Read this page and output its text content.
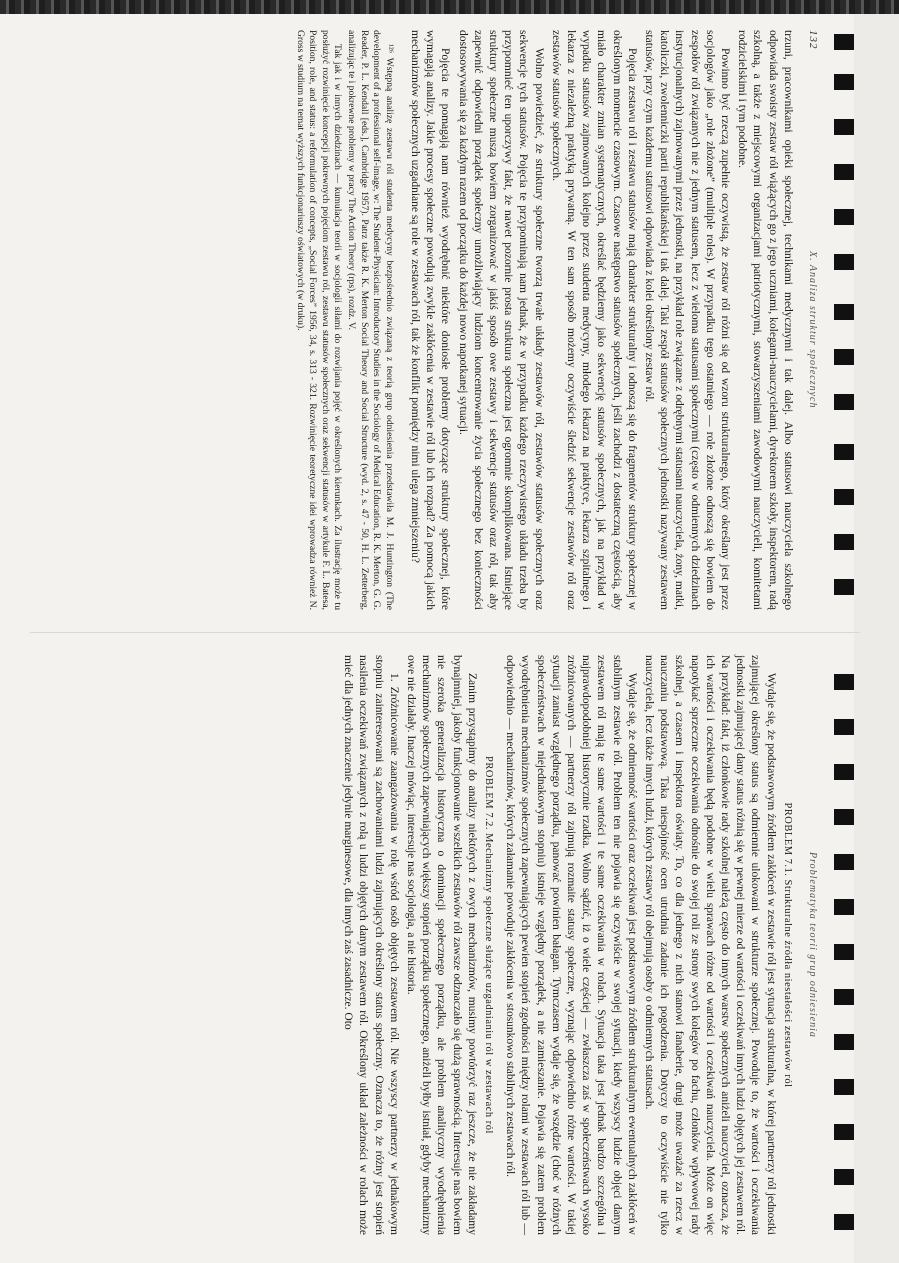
132
X. Analiza struktur społecznych

trzuni, pracownikami opieki społecznej, technikami medycznymi i tak dalej. Albo statusowi nauczyciela szkolnego odpowiada swoisty zestaw ról wiążących go z jego uczniami, kolegami-nauczycielami, dyrektorem szkoły, inspektorem, radą szkolną, a także z miejscowymi organizacjami patriotycznymi, stowarzyszeniami zawodowymi nauczycieli, komitetami rodzicielskimi i tym podobne.

Powinno być rzeczą zupełnie oczywistą, że zestaw ról różni się od wzoru strukturalnego, który określany jest przez socjologów jako „role złożone” (multiple roles). W przypadku tego ostatniego — role złożone odnoszą się bowiem do zespołów ról związanych nie z jednym statusem, lecz z wieloma statusami społecznymi (często w odmiennych dziedzinach instytucjonalnych) zajmowanymi przez jednostki, na przykład role związane z odrębnymi statusami nauczyciela, żony, matki, katoliczki, zwolenniczki partii republikańskiej i tak dalej. Taki zespół statusów społecznych jednostki nazywany zestawem statusów, przy czym każdemu statusowi odpowiada z kolei określony zestaw ról.

Pojęcia zestawu ról i zestawu statusów mają charakter strukturalny i odnoszą się do fragmentów struktury społecznej w określonym momencie czasowym. Czasowe następstwo statusów społecznych, jeśli zachodzi z dostateczną częstością, aby miało charakter zmian systematycznych, określać będziemy jako sekwencję statusów społecznych, jak na przykład w wypadku statusów zajmowanych kolejno przez studenta medycyny, młodego lekarza na praktyce, lekarza szpitalnego i lekarza z niezależną praktyką prywatną. W ten sam sposób możemy oczywiście śledzić sekwencje zestawów ról oraz zestawów statusów społecznych.

Wolno powiedzieć, że struktury społeczne tworzą trwałe układy zestawów ról, zestawów statusów społecznych oraz sekwencje tych statusów. Pojęcia te przypominają nam jednak, że w przypadku każdego rzeczywistego układu trzeba by przypomnieć ten uporczywy fakt, że nawet pozornie prosta struktura społeczna jest ogromnie skomplikowana. Istniejące struktury społeczne muszą bowiem zorganizować w jakiś sposób owe zestawy i sekwencje statusów oraz ról, tak aby zapewnić odpowiedni porządek społeczny umożliwiający ludziom koncentrowanie życia społecznego bez konieczności dostosowywania się za każdym razem od początku do każdej nowo napotkanej sytuacji.

Pojęcia te pomagają nam również wyodrębnić niektóre doniosłe problemy dotyczące struktury społecznej, które wymagają analizy. Jakie procesy społeczne powodują zwykle zakłócenia w zestawie ról lub ich rozpad? Za pomocą jakich mechanizmów społecznych uzgadniane są role w zestawach ról, tak że konflikt pomiędzy nimi ulega zmniejszeniu?

¹²⁶ Wstępną analizę zestawu ról studenta medycyny bezpośrednio związaną z teorią grup odniesienia przedstawiła M. J. Huntington (The development of a professional self-image, w: The Student-Physician: Introductory Studies in the Sociology of Medical Education, R. K. Merton, G. G. Reader, P. L. Kendall [eds.], Cambridge 1957). Patrz także R. K. Merton Social Theory and Social Structure (wyd. 2, s. 47 - 50, H. L. Zetterberg, analizując te i pokrewne problemy w pracy The Action Theory (rps), rozdz. V.

Tak jak i w innych dziedzinach — kumulacja teorii w socjologii siłami do rozwijania pojęć w określonych kierunkach. Za ilustrację może tu posłużyć rozwinięcie koncepcji pokrewnych pojęciom zestawu ról, zestawu statusów społecznych oraz sekwencji statusów w artykule F. L. Batesa, Position, role, and status: a reformulation of concepts, „Social Forces” 1956, 34, s. 313 - 321. Rozwinięcie teoretyczne idei wprowadza również N. Gross w studium na temat wyższych funkcjonariuszy oświatowych (w druku).

Problematyka teorii grup odniesienia
PROBLEM 7.1. Strukturalne źródła niestałości zestawów ról

Wydaje się, że podstawowym źródłem zakłóceń w zestawie ról jest sytuacja strukturalna, w której partnerzy ról jednostki zajmującej określony status są odmiennie ulokowani w strukturze społecznej. Powoduje to, że wartości i oczekiwania jednostki zajmującej dany status różnią się w pewnej mierze od wartości i oczekiwań innych ludzi objętych jej zestawem ról. Na przykład: fakt, iż członkowie rady szkolnej należą często do innych warstw społecznych aniżeli nauczyciel, oznacza, że ich wartości i oczekiwania będą podobne w wielu sprawach różne od wartości i oczekiwań nauczyciela. Może on więc napotykać sprzeczne oczekiwania odnośnie do swojej roli ze strony swych kolegów po fachu, członków wpływowej rady szkolnej, a czasem i inspektora oświaty. To, co dla jednego z nich stanowi fanaberie, drugi może uważać za rzecz w nauczaniu podstawową. Taka niespójność ocen utrudnia zadanie ich pogodzenia. Dotyczy to oczywiście nie tylko nauczyciela, lecz także innych ludzi, których zestawy ról obejmują osoby o odmiennych statusach.

Wydaje się, że odmienność wartości oraz oczekiwań jest podstawowym źródłem strukturalnym ewentualnych zakłóceń w stabilnym zestawie ról. Problem ten nie pojawia się oczywiście w swojej sytuacji, kiedy wszyscy ludzie objęci danym zestawem ról mają te same wartości i te same oczekiwania w rolach. Sytuacja taka jest jednak bardzo szczególna i najprawdopodobniej historycznie rzadka. Wolno sądzić, iż o wiele częściej — zwłaszcza zaś w społeczeństwach wysoko zróżnicowanych — partnerzy ról zajmują rozmaite statusy społeczne, wyznając odpowiednio różne wartości. W takiej sytuacji zaniast względnego porządku, panować powinien bałagan. Tymczasem wydaje się, że wszędzie (choć w różnych społeczeństwach w niejednakowym stopniu) istnieje względny porządek, a nie zamieszanie. Pojawia się zatem problem wyodrębnienia mechanizmów społecznych zapewniających pewien stopień zgodności między rolami w zestawach ról lub — odpowiednio — mechanizmów, których załamanie powoduje zakłócenia w stosunkowo stabilnych zestawach ról.

PROBLEM 7.2. Mechanizmy społeczne służące uzgadnianiu ról w zestawach ról

Zanim przystąpimy do analizy niektórych z owych mechanizmów, musimy powtórzyć raz jeszcze, że nie zakładamy bynajmniej, jakoby funkcjonowanie wszelkich zestawów ról zawsze odznaczało się dużą sprawnością. Interesuje nas bowiem nie szeroka generalizacja historyczna o dominacji społecznego porządku, ale problem analityczny wyodrębnienia mechanizmów społecznych zapewniających większy stopień porządku społecznego, aniżeli byłby istniał, gdyby mechanizmy owe nie działały. Inaczej mówiąc, interesuje nas socjologia, a nie historia.

1. Zróżnicowanie zaangażowania w rolę wśród osób objętych zestawem ról. Nie wszyscy partnerzy w jednakowym stopniu zainteresowani są zachowaniami ludzi zajmujących określony status społeczny. Oznacza to, że różny jest stopień nasilenia oczekiwań związanych z rolą u ludzi objętych danym zestawem ról. Określony układ zależności w rolach może mieć dla jednych znaczenie jedynie marginesowe, dla innych zaś zasadnicze. Oto
